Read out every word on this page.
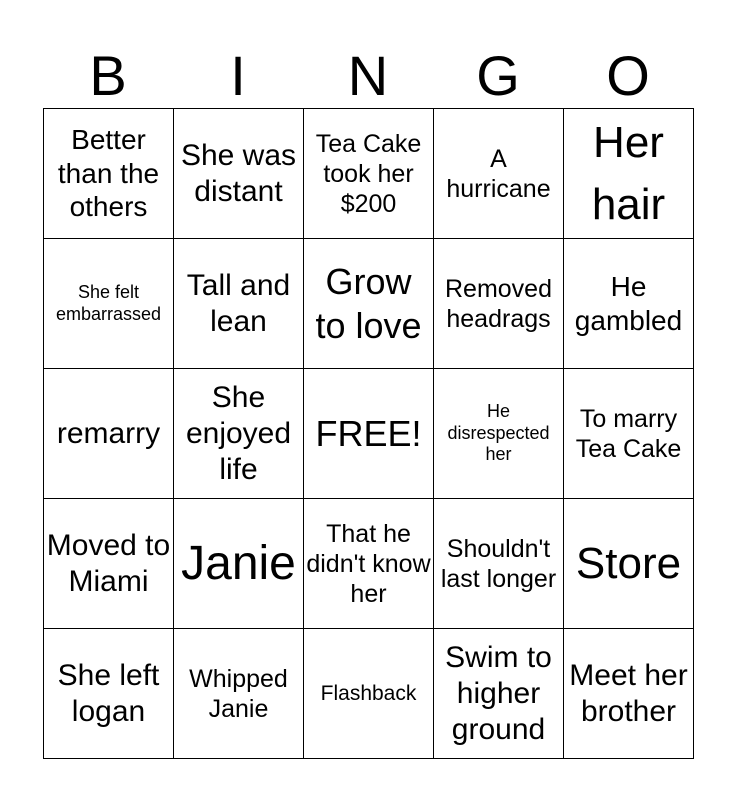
B	I	N	G	O
Better than the others	She was distant	Tea Cake took her $200	A hurricane	Her hair
She felt embarrassed	Tall and lean	Grow to love	Removed headrags	He gambled
remarry	She enjoyed life	FREE!	He disrespected her	To marry Tea Cake
Moved to Miami	Janie	That he didn't know her	Shouldn't last longer	Store
She left logan	Whipped Janie	Flashback	Swim to higher ground	Meet her brother
